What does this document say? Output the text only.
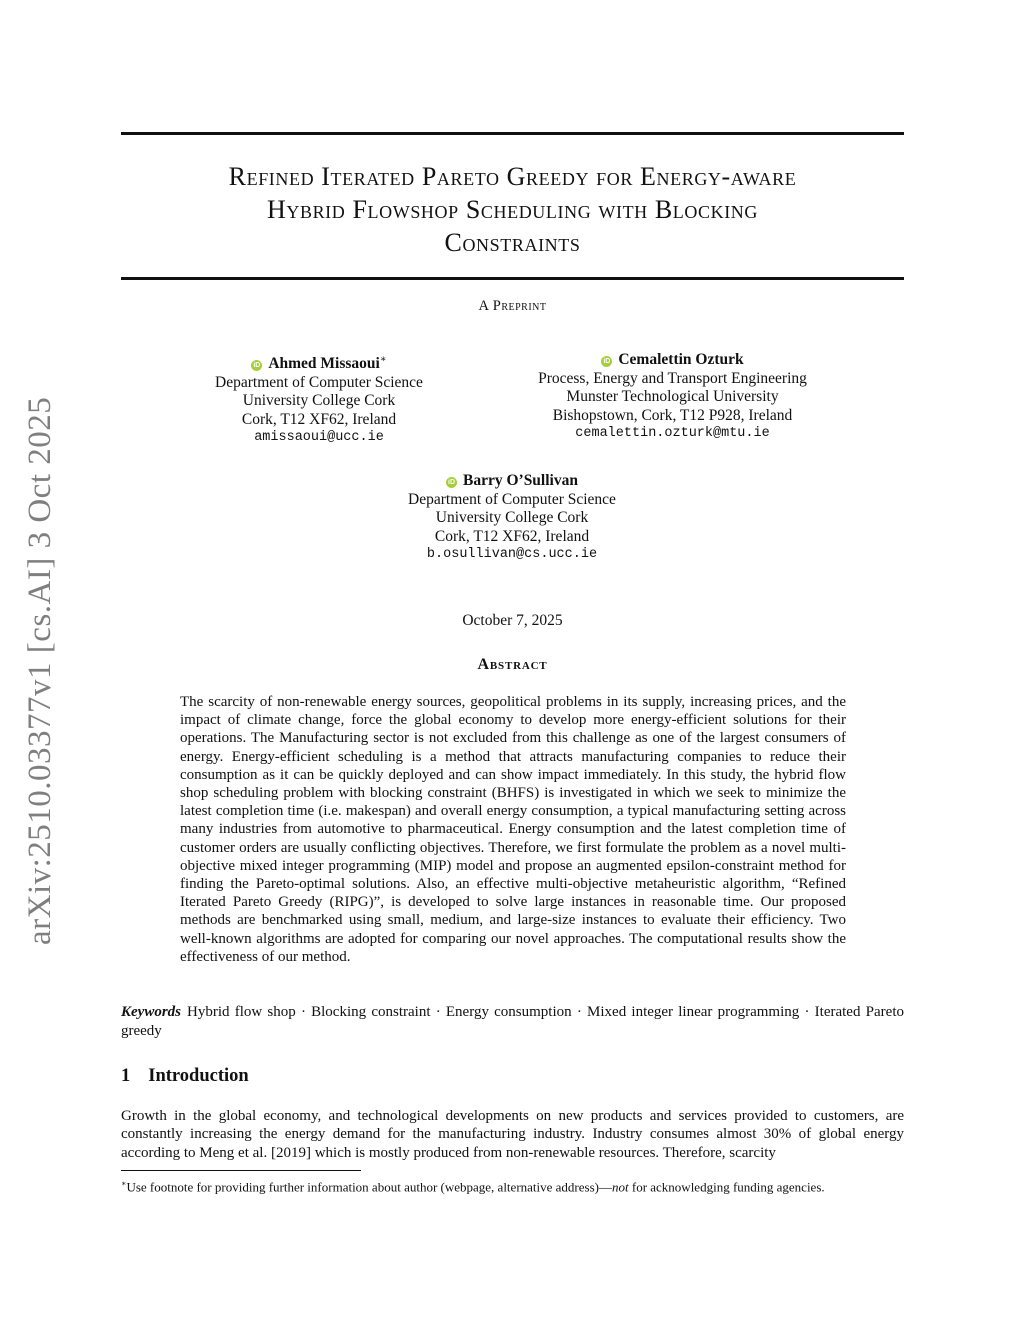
arXiv:2510.03377v1 [cs.AI] 3 Oct 2025
Refined Iterated Pareto Greedy for Energy-aware
Hybrid Flowshop Scheduling with Blocking
Constraints
A Preprint
iD Ahmed Missaoui∗
Department of Computer Science
University College Cork
Cork, T12 XF62, Ireland
amissaoui@ucc.ie
iD Cemalettin Ozturk
Process, Energy and Transport Engineering
Munster Technological University
Bishopstown, Cork, T12 P928, Ireland
cemalettin.ozturk@mtu.ie
iD Barry O’Sullivan
Department of Computer Science
University College Cork
Cork, T12 XF62, Ireland
b.osullivan@cs.ucc.ie
October 7, 2025
Abstract

The scarcity of non-renewable energy sources, geopolitical problems in its supply, increasing prices, and the impact of climate change, force the global economy to develop more energy-efficient solutions for their operations. The Manufacturing sector is not excluded from this challenge as one of the largest consumers of energy. Energy-efficient scheduling is a method that attracts manufacturing companies to reduce their consumption as it can be quickly deployed and can show impact immediately. In this study, the hybrid flow shop scheduling problem with blocking constraint (BHFS) is investigated in which we seek to minimize the latest completion time (i.e. makespan) and overall energy consumption, a typical manufacturing setting across many industries from automotive to pharmaceutical. Energy consumption and the latest completion time of customer orders are usually conflicting objectives. Therefore, we first formulate the problem as a novel multi-objective mixed integer programming (MIP) model and propose an augmented epsilon-constraint method for finding the Pareto-optimal solutions. Also, an effective multi-objective metaheuristic algorithm, “Refined Iterated Pareto Greedy (RIPG)”, is developed to solve large instances in reasonable time. Our proposed methods are benchmarked using small, medium, and large-size instances to evaluate their efficiency. Two well-known algorithms are adopted for comparing our novel approaches. The computational results show the effectiveness of our method.

Keywords Hybrid flow shop · Blocking constraint · Energy consumption · Mixed integer linear programming · Iterated Pareto greedy

1 Introduction

Growth in the global economy, and technological developments on new products and services provided to customers, are constantly increasing the energy demand for the manufacturing industry. Industry consumes almost 30% of global energy according to Meng et al. [2019] which is mostly produced from non-renewable resources. Therefore, scarcity

∗Use footnote for providing further information about author (webpage, alternative address)—not for acknowledging funding agencies.
